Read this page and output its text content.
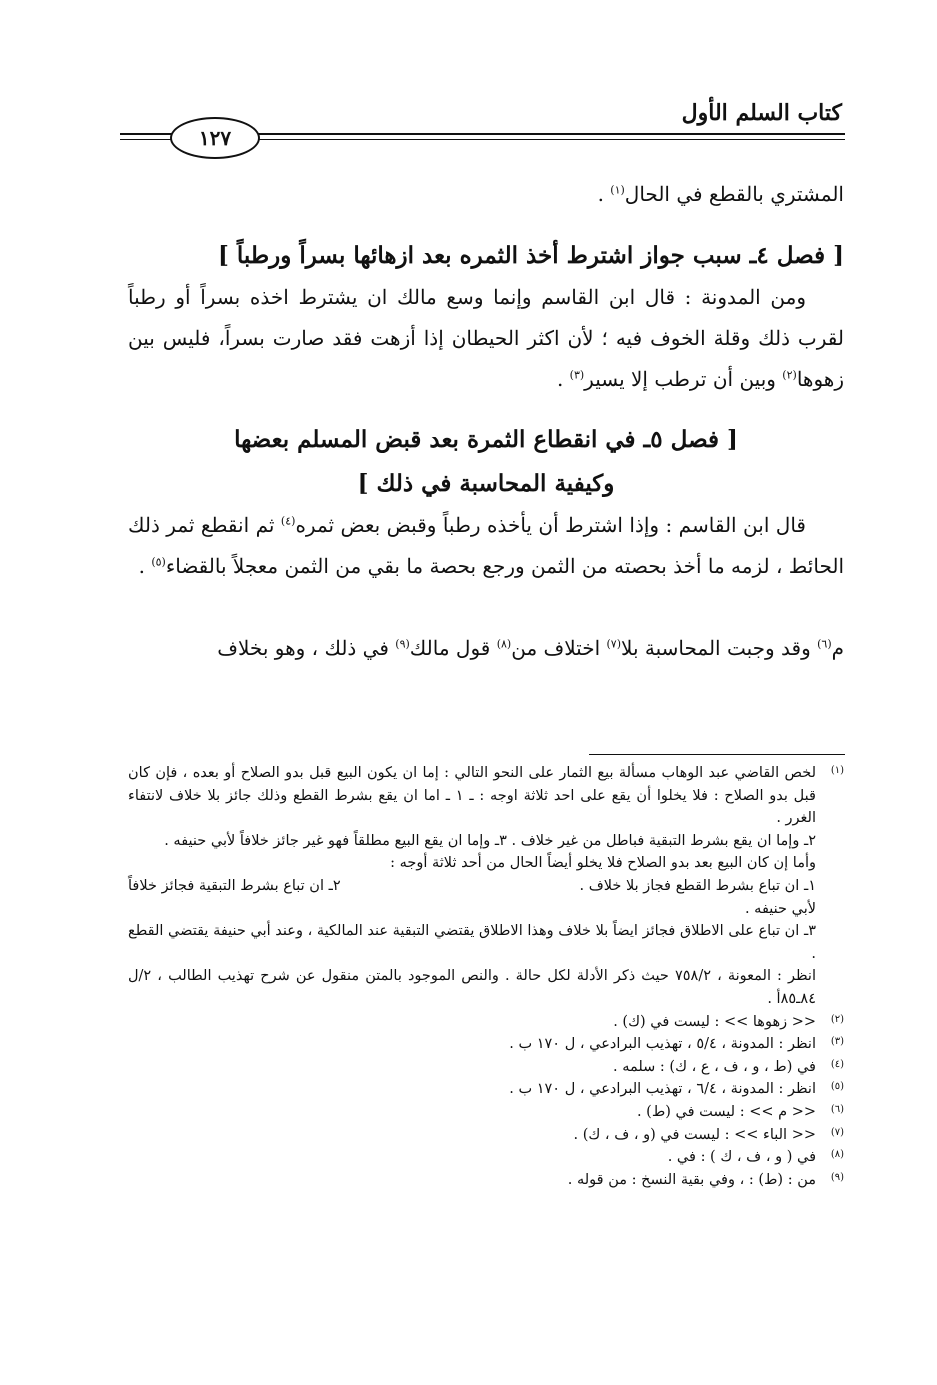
كتاب السلم الأول
١٢٧

المشتري بالقطع في الحال$^{(١)}$ .

[ فصل ٤ـ سبب جواز اشترط أخذ الثمره بعد ازهائها بسراً ورطباً ]

ومن المدونة : قال ابن القاسم وإنما وسع مالك ان يشترط اخذه بسراً أو رطباً لقرب ذلك وقلة الخوف فيه ؛ لأن اكثر الحيطان إذا أزهت فقد صارت بسراً، فليس بين زهوها$^{(٢)}$ وبين أن ترطب إلا يسير$^{(٣)}$ .

[ فصل ٥ـ في انقطاع الثمرة بعد قبض المسلم بعضها
وكيفية المحاسبة في ذلك ]

قال ابن القاسم : وإذا اشترط أن يأخذه رطباً وقبض بعض ثمره$^{(٤)}$ ثم انقطع ثمر ذلك الحائط ، لزمه ما أخذ بحصته من الثمن ورجع بحصة ما بقي من الثمن معجلاً بالقضاء$^{(٥)}$ .

م$^{(٦)}$ وقد وجبت المحاسبة بلا$^{(٧)}$ اختلاف من$^{(٨)}$ قول مالك$^{(٩)}$ في ذلك ، وهو بخلاف

(١)
لخص القاضي عبد الوهاب مسألة بيع الثمار على النحو التالي : إما ان يكون البيع قبل بدو الصلاح أو بعده ، فإن كان قبل بدو الصلاح : فلا يخلوا أن يقع على احد ثلاثة اوجه : ـ ١ ـ اما ان يقع بشرط القطع وذلك جائز بلا خلاف لانتفاء الغرر .
٢ـ وإما ان يقع بشرط التبقية فباطل من غير خلاف . ٣ـ وإما ان يقع البيع مطلقاً فهو غير جائز خلافاً لأبي حنيفه .
وأما إن كان البيع بعد بدو الصلاح فلا يخلو أيضاً الحال من أحد ثلاثة أوجه :
١ـ ان تباع بشرط القطع فجاز بلا خلاف .
٢ـ ان تباع بشرط التبقية فجائز خلافاً
لأبي حنيفه .
٣ـ ان تباع على الاطلاق فجائز ايضاً بلا خلاف وهذا الاطلاق يقتضي التبقية عند المالكية ، وعند أبي حنيفة يقتضي القطع .
انظر : المعونة ، ٧٥٨/٢ حيث ذكر الأدلة لكل حالة . والنص الموجود بالمتن منقول عن شرح تهذيب الطالب ، ٢/ل ٨٤ـ٨٥أ .
(٢)
<< زهوها >> : ليست في (ك) .
(٣)
انظر : المدونة ، ٥/٤ ، تهذيب البرادعي ، ل ١٧٠ ب .
(٤)
في (ط ، و ، ف ، ع ، ك) : سلمه .
(٥)
انظر : المدونة ، ٦/٤ ، تهذيب البرادعي ، ل ١٧٠ ب .
(٦)
<< م >> : ليست في (ط) .
(٧)
<< الباء >> : ليست في (و ، ف ، ك) .
(٨)
في ( و ، ف ، ك ) : في .
(٩)
من : (ط) : ، وفي بقية النسخ : من قوله .
